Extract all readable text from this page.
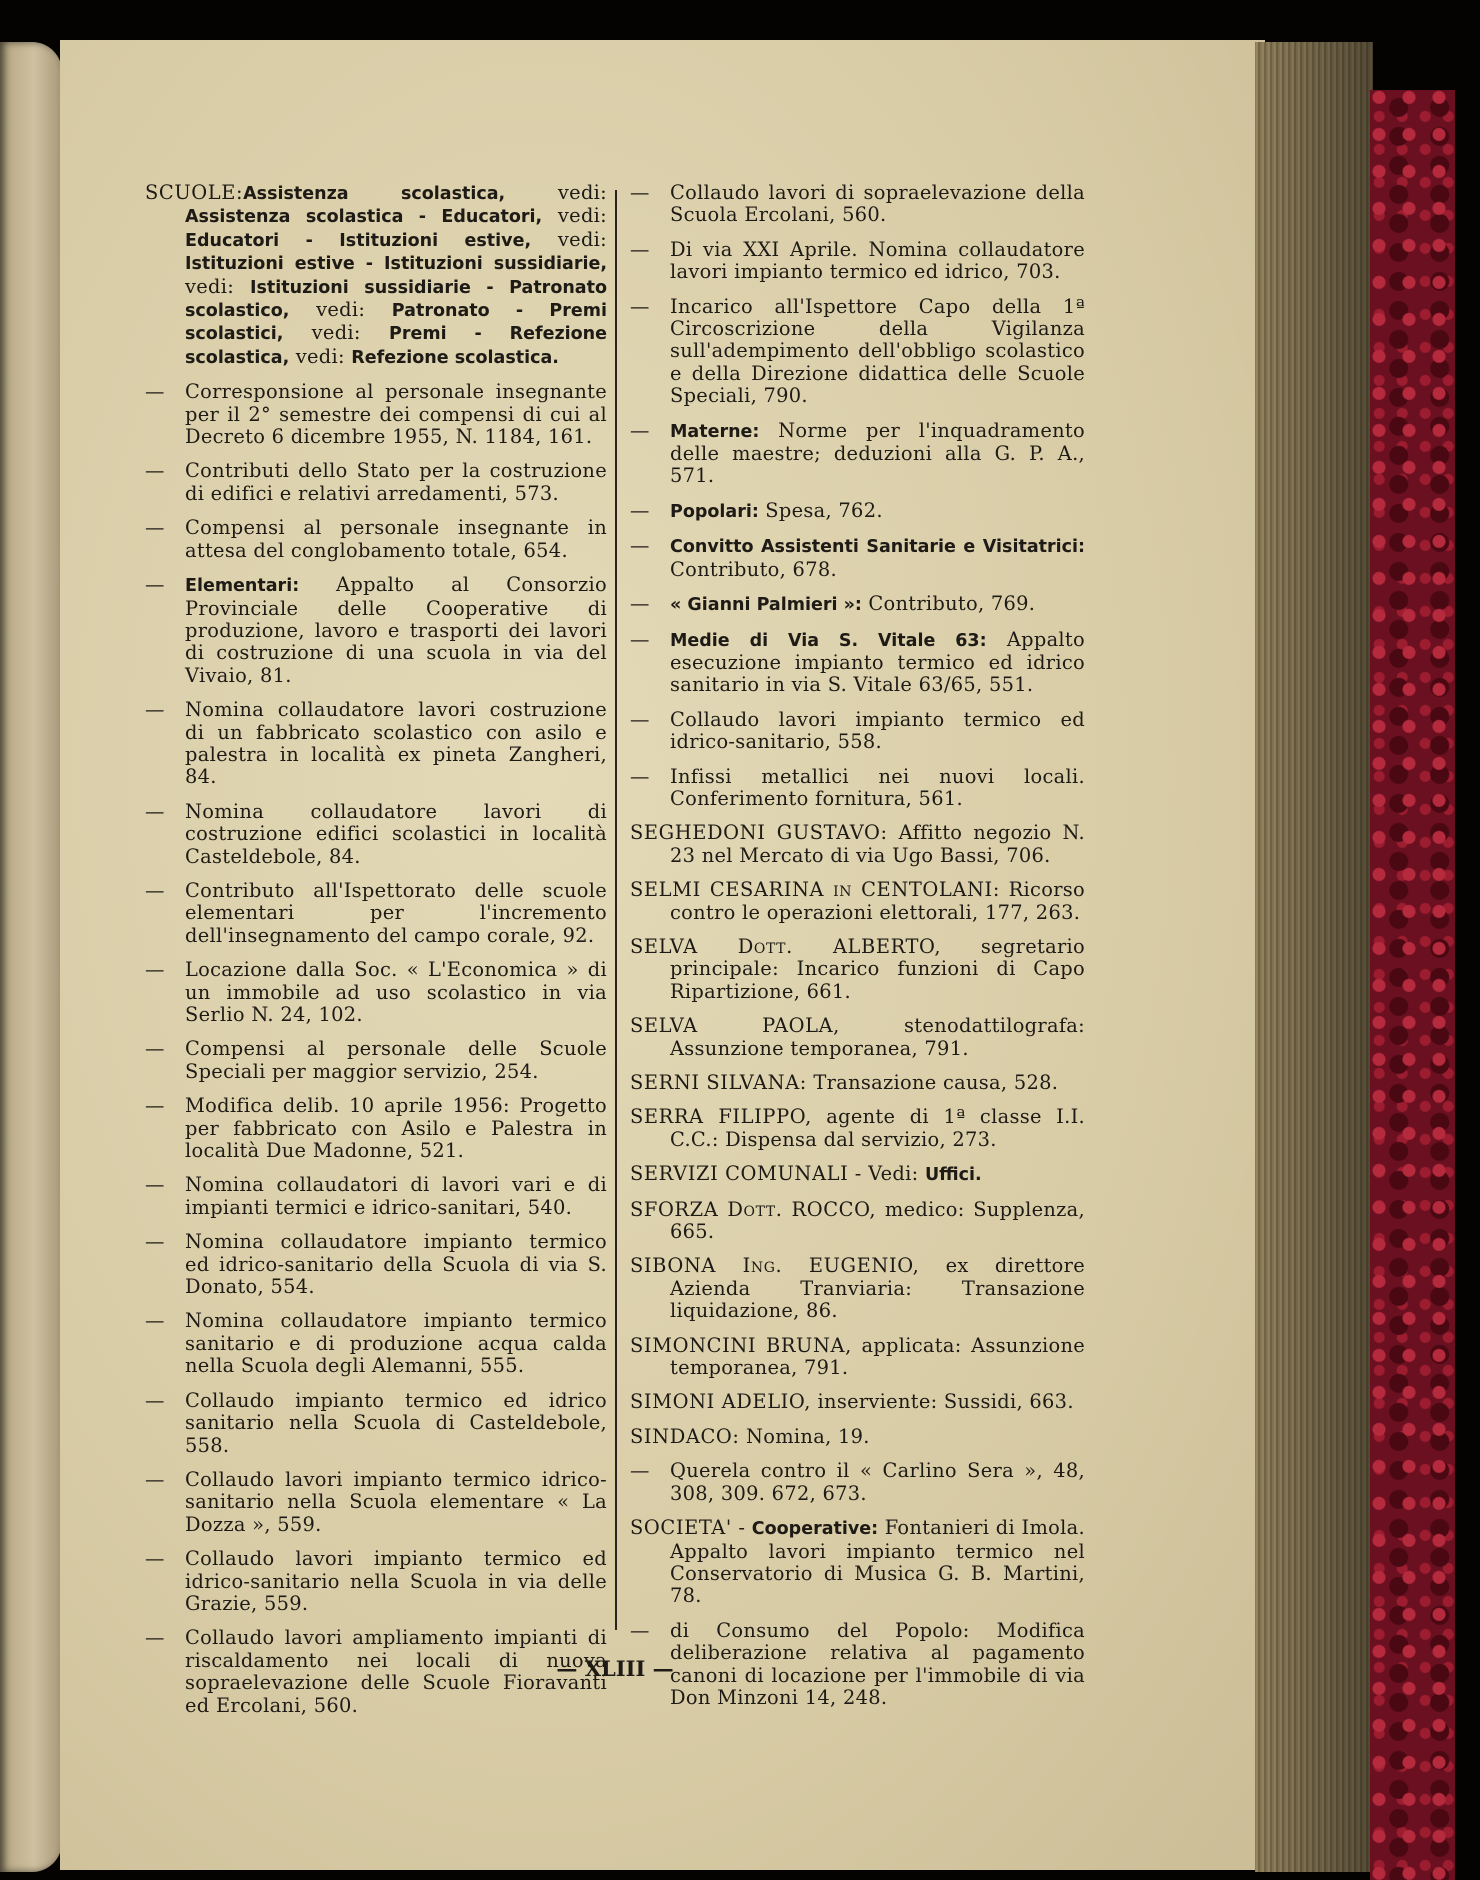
SCUOLE:Assistenza scolastica, vedi: Assistenza scolastica - Educatori, vedi: Educatori - Istituzioni estive, vedi: Istituzioni estive - Istituzioni sussidiarie, vedi: Istituzioni sussidiarie - Patronato scolastico, vedi: Patronato - Premi scolastici, vedi: Premi - Refezione scolastica, vedi: Refezione scolastica.
— Corresponsione al personale insegnante per il 2° semestre dei compensi di cui al Decreto 6 dicembre 1955, N. 1184, 161.
— Contributi dello Stato per la costruzione di edifici e relativi arredamenti, 573.
— Compensi al personale insegnante in attesa del conglobamento totale, 654.
— Elementari: Appalto al Consorzio Provinciale delle Cooperative di produzione, lavoro e trasporti dei lavori di costruzione di una scuola in via del Vivaio, 81.
— Nomina collaudatore lavori costruzione di un fabbricato scolastico con asilo e palestra in località ex pineta Zangheri, 84.
— Nomina collaudatore lavori di costruzione edifici scolastici in località Casteldebole, 84.
— Contributo all'Ispettorato delle scuole elementari per l'incremento dell'insegnamento del campo corale, 92.
— Locazione dalla Soc. « L'Economica » di un immobile ad uso scolastico in via Serlio N. 24, 102.
— Compensi al personale delle Scuole Speciali per maggior servizio, 254.
— Modifica delib. 10 aprile 1956: Progetto per fabbricato con Asilo e Palestra in località Due Madonne, 521.
— Nomina collaudatori di lavori vari e di impianti termici e idrico-sanitari, 540.
— Nomina collaudatore impianto termico ed idrico-sanitario della Scuola di via S. Donato, 554.
— Nomina collaudatore impianto termico sanitario e di produzione acqua calda nella Scuola degli Alemanni, 555.
— Collaudo impianto termico ed idrico sanitario nella Scuola di Casteldebole, 558.
— Collaudo lavori impianto termico idrico-sanitario nella Scuola elementare « La Dozza », 559.
— Collaudo lavori impianto termico ed idrico-sanitario nella Scuola in via delle Grazie, 559.
— Collaudo lavori ampliamento impianti di riscaldamento nei locali di nuova sopraelevazione delle Scuole Fioravanti ed Ercolani, 560.
— Collaudo lavori di sopraelevazione della Scuola Ercolani, 560.
— Di via XXI Aprile. Nomina collaudatore lavori impianto termico ed idrico, 703.
— Incarico all'Ispettore Capo della 1ª Circoscrizione della Vigilanza sull'adempimento dell'obbligo scolastico e della Direzione didattica delle Scuole Speciali, 790.
— Materne: Norme per l'inquadramento delle maestre; deduzioni alla G. P. A., 571.
— Popolari: Spesa, 762.
— Convitto Assistenti Sanitarie e Visitatrici: Contributo, 678.
— « Gianni Palmieri »: Contributo, 769.
— Medie di Via S. Vitale 63: Appalto esecuzione impianto termico ed idrico sanitario in via S. Vitale 63/65, 551.
— Collaudo lavori impianto termico ed idrico-sanitario, 558.
— Infissi metallici nei nuovi locali. Conferimento fornitura, 561.
SEGHEDONI GUSTAVO: Affitto negozio N. 23 nel Mercato di via Ugo Bassi, 706.
SELMI CESARINA in CENTOLANI: Ricorso contro le operazioni elettorali, 177, 263.
SELVA Dott. ALBERTO, segretario principale: Incarico funzioni di Capo Ripartizione, 661.
SELVA PAOLA, stenodattilografa: Assunzione temporanea, 791.
SERNI SILVANA: Transazione causa, 528.
SERRA FILIPPO, agente di 1ª classe I.I. C.C.: Dispensa dal servizio, 273.
SERVIZI COMUNALI - Vedi: Uffici.
SFORZA Dott. ROCCO, medico: Supplenza, 665.
SIBONA Ing. EUGENIO, ex direttore Azienda Tranviaria: Transazione liquidazione, 86.
SIMONCINI BRUNA, applicata: Assunzione temporanea, 791.
SIMONI ADELIO, inserviente: Sussidi, 663.
SINDACO: Nomina, 19.
— Querela contro il « Carlino Sera », 48, 308, 309. 672, 673.
SOCIETA' - Cooperative: Fontanieri di Imola. Appalto lavori impianto termico nel Conservatorio di Musica G. B. Martini, 78.
— di Consumo del Popolo: Modifica deliberazione relativa al pagamento canoni di locazione per l'immobile di via Don Minzoni 14, 248.
— XLIII —
